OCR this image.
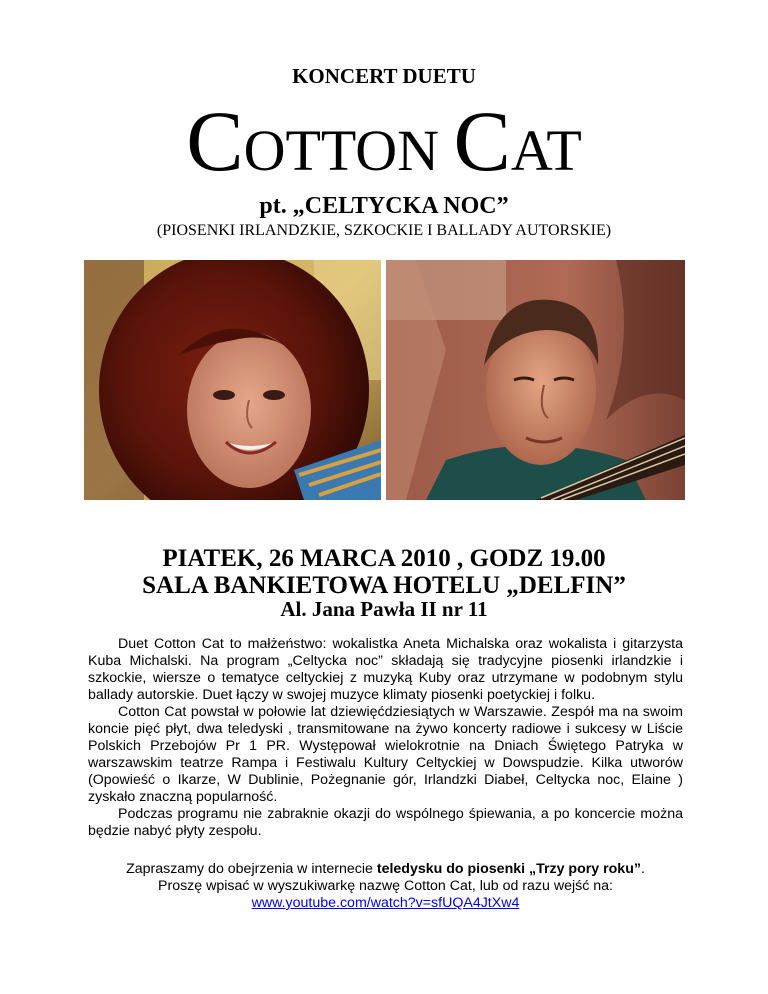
KONCERT DUETU
COTTON CAT
pt. „CELTYCKA NOC”
(PIOSENKI IRLANDZKIE, SZKOCKIE I BALLADY AUTORSKIE)
PIATEK, 26 MARCA 2010 , GODZ 19.00
SALA BANKIETOWA HOTELU „DELFIN”
Al. Jana Pawła II nr 11

Duet Cotton Cat to małżeństwo: wokalistka Aneta Michalska oraz wokalista i gitarzysta Kuba Michalski. Na program „Celtycka noc” składają się tradycyjne piosenki irlandzkie i szkockie, wiersze o tematyce celtyckiej z muzyką Kuby oraz utrzymane w podobnym stylu ballady autorskie. Duet łączy w swojej muzyce klimaty piosenki poetyckiej i folku.

Cotton Cat powstał w połowie lat dziewięćdziesiątych w Warszawie. Zespół ma na swoim koncie pięć płyt, dwa teledyski , transmitowane na żywo koncerty radiowe i sukcesy w Liście Polskich Przebojów Pr 1 PR. Występował wielokrotnie na Dniach Świętego Patryka w warszawskim teatrze Rampa i Festiwalu Kultury Celtyckiej w Dowspudzie. Kilka utworów (Opowieść o Ikarze, W Dublinie, Pożegnanie gór, Irlandzki Diabeł, Celtycka noc, Elaine ) zyskało znaczną popularność.

Podczas programu nie zabraknie okazji do wspólnego śpiewania, a po koncercie można będzie nabyć płyty zespołu.

Zapraszamy do obejrzenia w internecie teledysku do piosenki „Trzy pory roku”.
Proszę wpisać w wyszukiwarkę nazwę Cotton Cat, lub od razu wejść na:
www.youtube.com/watch?v=sfUQA4JtXw4
